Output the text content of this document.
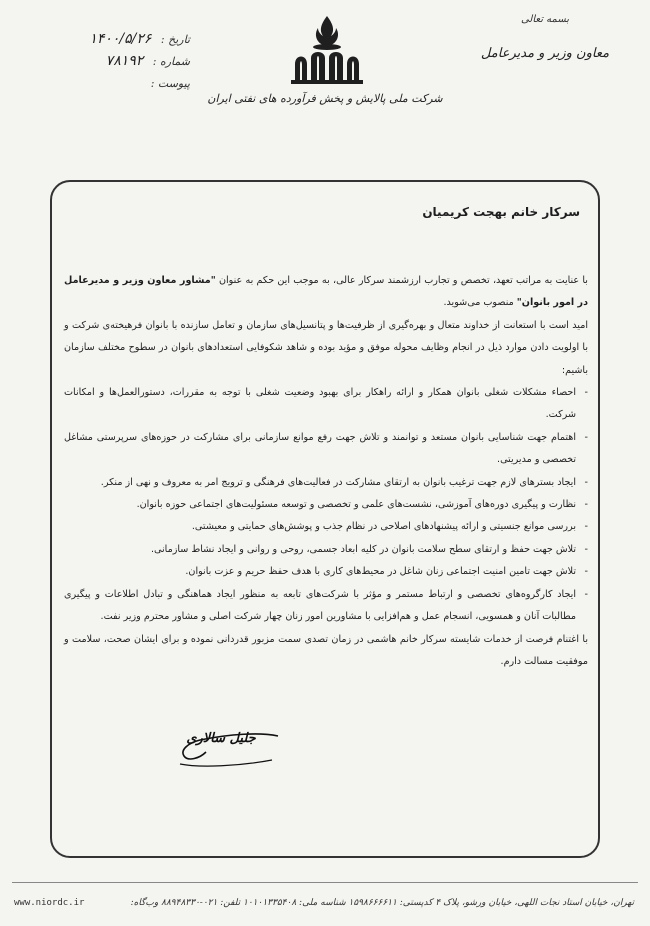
بسمه تعالی
معاون وزیر و مدیرعامل
شرکت ملی پالایش و پخش فرآورده های نفتی ایران
تاریخ : ۱۴۰۰/۵/۲۶
شماره : ۷۸۱۹۲
پیوست :
سرکار خانم بهجت کریمیان

با عنایت به مراتب تعهد، تخصص و تجارب ارزشمند سرکار عالی، به موجب این حکم به عنوان "مشاور معاون وزیر و مدیرعامل در امور بانوان" منصوب می‌شوید.

امید است با استعانت از خداوند متعال و بهره‌گیری از ظرفیت‌ها و پتانسیل‌های سازمان و تعامل سازنده با بانوان فرهیخته‌ی شرکت و با اولویت دادن موارد ذیل در انجام وظایف محوله موفق و مؤید بوده و شاهد شکوفایی استعدادهای بانوان در سطوح مختلف سازمان باشیم:

- احصاء مشکلات شغلی بانوان همکار و ارائه راهکار برای بهبود وضعیت شغلی با توجه به مقررات، دستورالعمل‌ها و امکانات شرکت.

- اهتمام جهت شناسایی بانوان مستعد و توانمند و تلاش جهت رفع موانع سازمانی برای مشارکت در حوزه‌های سرپرستی مشاغل تخصصی و مدیریتی.

- ایجاد بسترهای لازم جهت ترغیب بانوان به ارتقای مشارکت در فعالیت‌های فرهنگی و ترویج امر به معروف و نهی از منکر.

- نظارت و پیگیری دوره‌های آموزشی، نشست‌های علمی و تخصصی و توسعه مسئولیت‌های اجتماعی حوزه بانوان.

- بررسی موانع جنسیتی و ارائه پیشنهادهای اصلاحی در نظام جذب و پوشش‌های حمایتی و معیشتی.

- تلاش جهت حفظ و ارتقای سطح سلامت بانوان در کلیه ابعاد جسمی، روحی و روانی و ایجاد نشاط سازمانی.

- تلاش جهت تامین امنیت اجتماعی زنان شاغل در محیط‌های کاری با هدف حفظ حریم و عزت بانوان.

- ایجاد کارگروه‌های تخصصی و ارتباط مستمر و مؤثر با شرکت‌های تابعه به منظور ایجاد هماهنگی و تبادل اطلاعات و پیگیری مطالبات آنان و همسویی، انسجام عمل و هم‌افزایی با مشاورین امور زنان چهار شرکت اصلی و مشاور محترم وزیر نفت.

با اغتنام فرصت از خدمات شایسته سرکار خانم هاشمی در زمان تصدی سمت مزبور قدردانی نموده و برای ایشان صحت، سلامت و موفقیت مسالت دارم.

جلیل سالاری
تهران، خیابان استاد نجات اللهی، خیابان ورشو، پلاک ۴ کدپستی: ۱۵۹۸۶۶۶۶۱۱ شناسه ملی: ۱۰۱۰۱۳۳۵۴۰۸ تلفن: ۰۲۱-۸۸۹۴۸۳۳۰ وب‌گاه:
www.niordc.ir
